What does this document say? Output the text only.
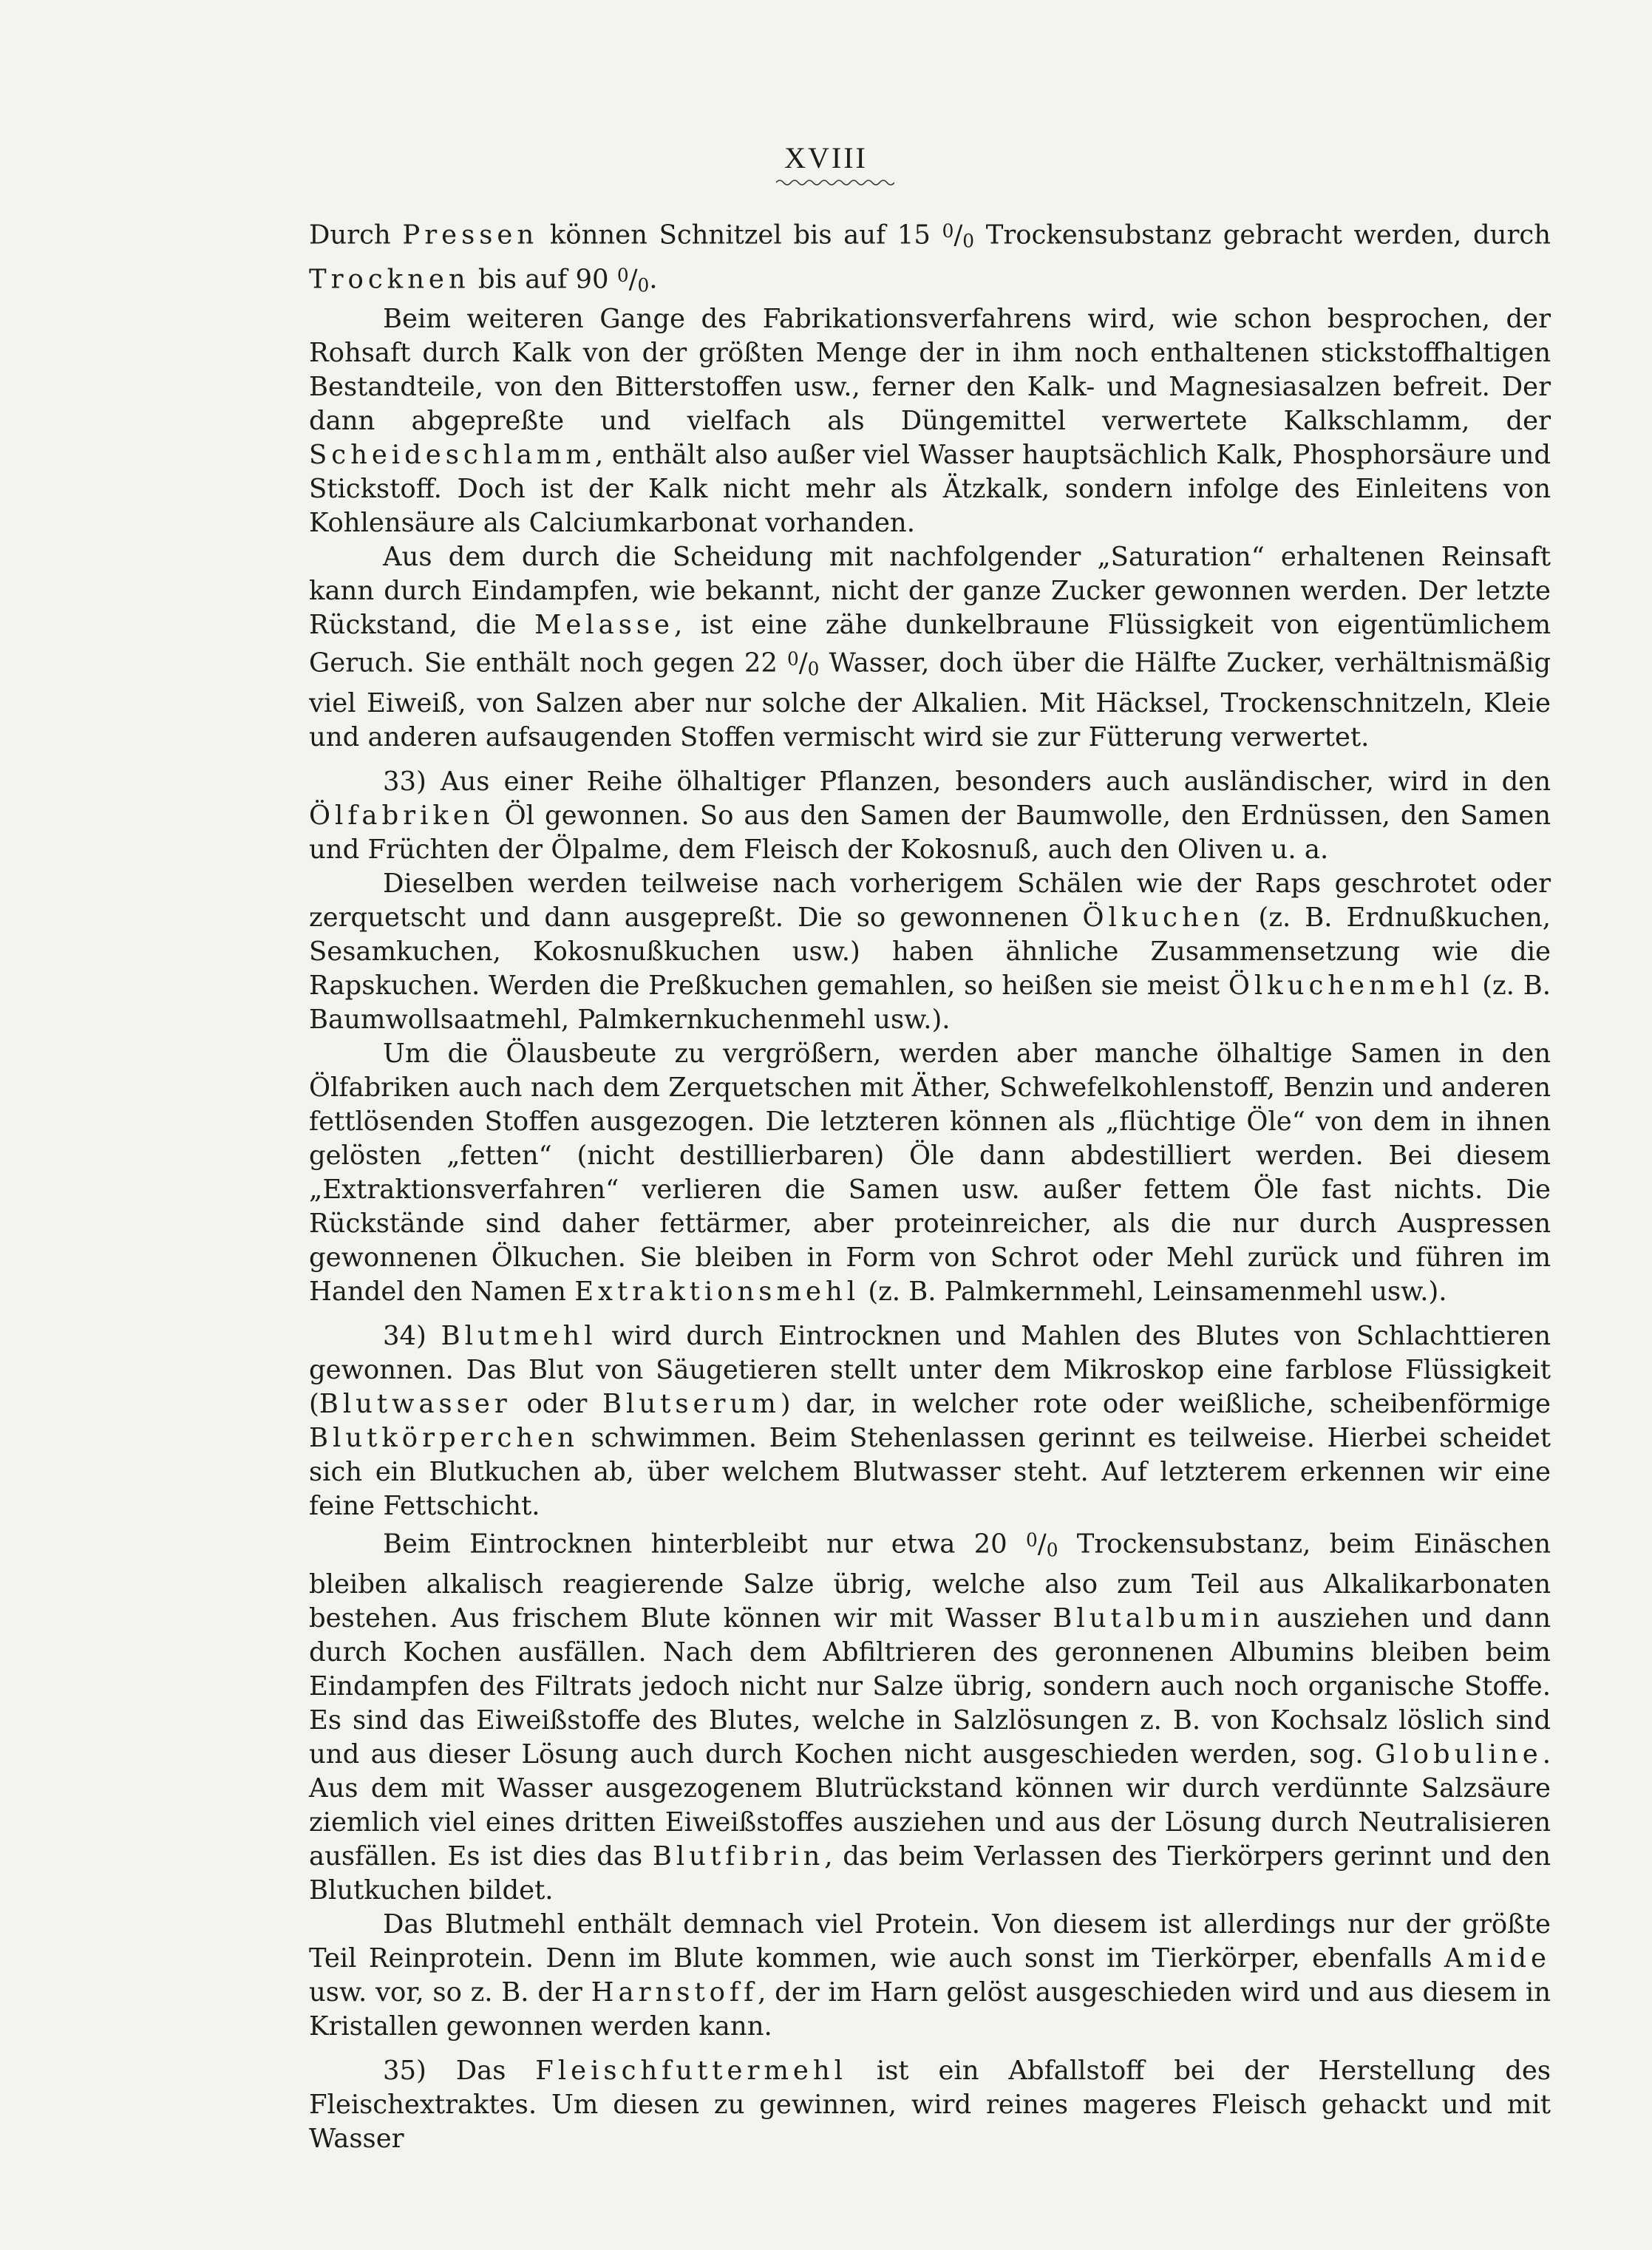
XVIII

Durch Pressen können Schnitzel bis auf 15 $^0/_0$ Trockensubstanz gebracht werden, durch Trocknen bis auf 90 $^0/_0$.

Beim weiteren Gange des Fabrikationsverfahrens wird, wie schon besprochen, der Rohsaft durch Kalk von der größten Menge der in ihm noch enthaltenen stickstoffhaltigen Bestandteile, von den Bitterstoffen usw., ferner den Kalk- und Magnesiasalzen befreit. Der dann abgepreßte und vielfach als Düngemittel verwertete Kalkschlamm, der Scheideschlamm, enthält also außer viel Wasser hauptsächlich Kalk, Phosphorsäure und Stickstoff. Doch ist der Kalk nicht mehr als Ätzkalk, sondern infolge des Einleitens von Kohlensäure als Calciumkarbonat vorhanden.

Aus dem durch die Scheidung mit nachfolgender „Saturation“ erhaltenen Reinsaft kann durch Eindampfen, wie bekannt, nicht der ganze Zucker gewonnen werden. Der letzte Rückstand, die Melasse, ist eine zähe dunkelbraune Flüssigkeit von eigentümlichem Geruch. Sie enthält noch gegen 22 $^0/_0$ Wasser, doch über die Hälfte Zucker, verhältnismäßig viel Eiweiß, von Salzen aber nur solche der Alkalien. Mit Häcksel, Trockenschnitzeln, Kleie und anderen aufsaugenden Stoffen vermischt wird sie zur Fütterung verwertet.

33) Aus einer Reihe ölhaltiger Pflanzen, besonders auch ausländischer, wird in den Ölfabriken Öl gewonnen. So aus den Samen der Baumwolle, den Erdnüssen, den Samen und Früchten der Ölpalme, dem Fleisch der Kokosnuß, auch den Oliven u. a.

Dieselben werden teilweise nach vorherigem Schälen wie der Raps geschrotet oder zerquetscht und dann ausgepreßt. Die so gewonnenen Ölkuchen (z. B. Erdnußkuchen, Sesamkuchen, Kokosnußkuchen usw.) haben ähnliche Zusammensetzung wie die Rapskuchen. Werden die Preßkuchen gemahlen, so heißen sie meist Ölkuchenmehl (z. B. Baumwollsaatmehl, Palmkernkuchenmehl usw.).

Um die Ölausbeute zu vergrößern, werden aber manche ölhaltige Samen in den Ölfabriken auch nach dem Zerquetschen mit Äther, Schwefelkohlenstoff, Benzin und anderen fettlösenden Stoffen ausgezogen. Die letzteren können als „flüchtige Öle“ von dem in ihnen gelösten „fetten“ (nicht destillierbaren) Öle dann abdestilliert werden. Bei diesem „Extraktionsverfahren“ verlieren die Samen usw. außer fettem Öle fast nichts. Die Rückstände sind daher fettärmer, aber proteinreicher, als die nur durch Auspressen gewonnenen Ölkuchen. Sie bleiben in Form von Schrot oder Mehl zurück und führen im Handel den Namen Extraktionsmehl (z. B. Palmkernmehl, Leinsamenmehl usw.).

34) Blutmehl wird durch Eintrocknen und Mahlen des Blutes von Schlachttieren gewonnen. Das Blut von Säugetieren stellt unter dem Mikroskop eine farblose Flüssigkeit (Blutwasser oder Blutserum) dar, in welcher rote oder weißliche, scheibenförmige Blutkörperchen schwimmen. Beim Stehenlassen gerinnt es teilweise. Hierbei scheidet sich ein Blutkuchen ab, über welchem Blutwasser steht. Auf letzterem erkennen wir eine feine Fettschicht.

Beim Eintrocknen hinterbleibt nur etwa 20 $^0/_0$ Trockensubstanz, beim Einäschen bleiben alkalisch reagierende Salze übrig, welche also zum Teil aus Alkalikarbonaten bestehen. Aus frischem Blute können wir mit Wasser Blutalbumin ausziehen und dann durch Kochen ausfällen. Nach dem Abfiltrieren des geronnenen Albumins bleiben beim Eindampfen des Filtrats jedoch nicht nur Salze übrig, sondern auch noch organische Stoffe. Es sind das Eiweißstoffe des Blutes, welche in Salzlösungen z. B. von Kochsalz löslich sind und aus dieser Lösung auch durch Kochen nicht ausgeschieden werden, sog. Globuline. Aus dem mit Wasser ausgezogenem Blutrückstand können wir durch verdünnte Salzsäure ziemlich viel eines dritten Eiweißstoffes ausziehen und aus der Lösung durch Neutralisieren ausfällen. Es ist dies das Blutfibrin, das beim Verlassen des Tierkörpers gerinnt und den Blutkuchen bildet.

Das Blutmehl enthält demnach viel Protein. Von diesem ist allerdings nur der größte Teil Reinprotein. Denn im Blute kommen, wie auch sonst im Tierkörper, ebenfalls Amide usw. vor, so z. B. der Harnstoff, der im Harn gelöst ausgeschieden wird und aus diesem in Kristallen gewonnen werden kann.

35) Das Fleischfuttermehl ist ein Abfallstoff bei der Herstellung des Fleischextraktes. Um diesen zu gewinnen, wird reines mageres Fleisch gehackt und mit Wasser
